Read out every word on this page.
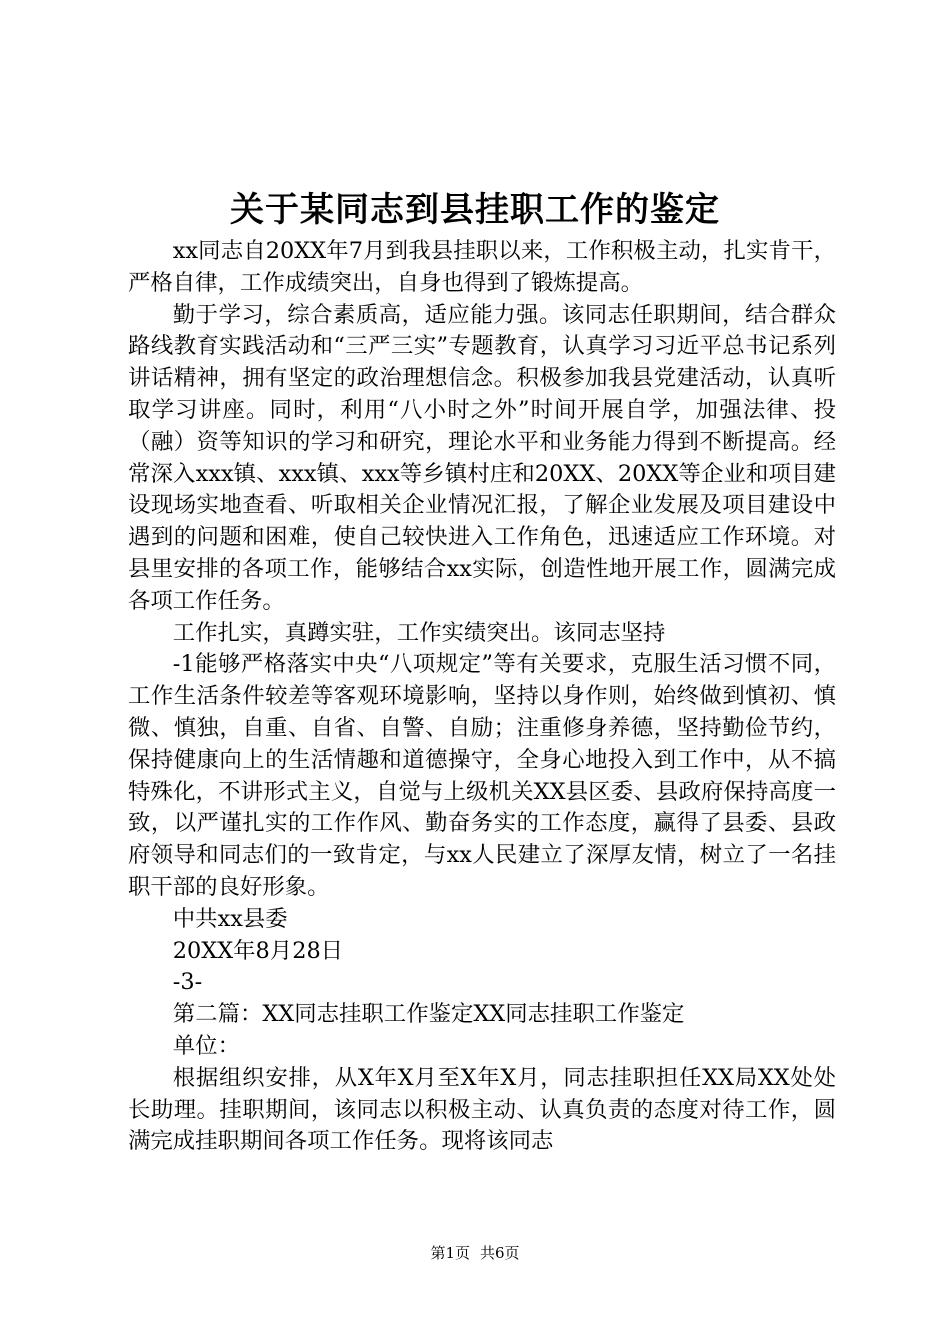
关于某同志到县挂职工作的鉴定

xx同志自20XX年7月到我县挂职以来，工作积极主动，扎实肯干，严格自律，工作成绩突出，自身也得到了锻炼提高。

勤于学习，综合素质高，适应能力强。该同志任职期间，结合群众路线教育实践活动和“三严三实”专题教育，认真学习习近平总书记系列讲话精神，拥有坚定的政治理想信念。积极参加我县党建活动，认真听取学习讲座。同时，利用“八小时之外”时间开展自学，加强法律、投（融）资等知识的学习和研究，理论水平和业务能力得到不断提高。经常深入xxx镇、xxx镇、xxx等乡镇村庄和20XX、20XX等企业和项目建设现场实地查看、听取相关企业情况汇报，了解企业发展及项目建设中遇到的问题和困难，使自己较快进入工作角色，迅速适应工作环境。对县里安排的各项工作，能够结合xx实际，创造性地开展工作，圆满完成各项工作任务。

工作扎实，真蹲实驻，工作实绩突出。该同志坚持

-1能够严格落实中央“八项规定”等有关要求，克服生活习惯不同，工作生活条件较差等客观环境影响，坚持以身作则，始终做到慎初、慎微、慎独，自重、自省、自警、自励；注重修身养德，坚持勤俭节约，保持健康向上的生活情趣和道德操守，全身心地投入到工作中，从不搞特殊化，不讲形式主义，自觉与上级机关XX县区委、县政府保持高度一致，以严谨扎实的工作作风、勤奋务实的工作态度，赢得了县委、县政府领导和同志们的一致肯定，与xx人民建立了深厚友情，树立了一名挂职干部的良好形象。

中共xx县委

20XX年8月28日

-3-

第二篇：XX同志挂职工作鉴定XX同志挂职工作鉴定

单位：

根据组织安排，从X年X月至X年X月，同志挂职担任XX局XX处处长助理。挂职期间，该同志以积极主动、认真负责的态度对待工作，圆满完成挂职期间各项工作任务。现将该同志

第1页 共6页
